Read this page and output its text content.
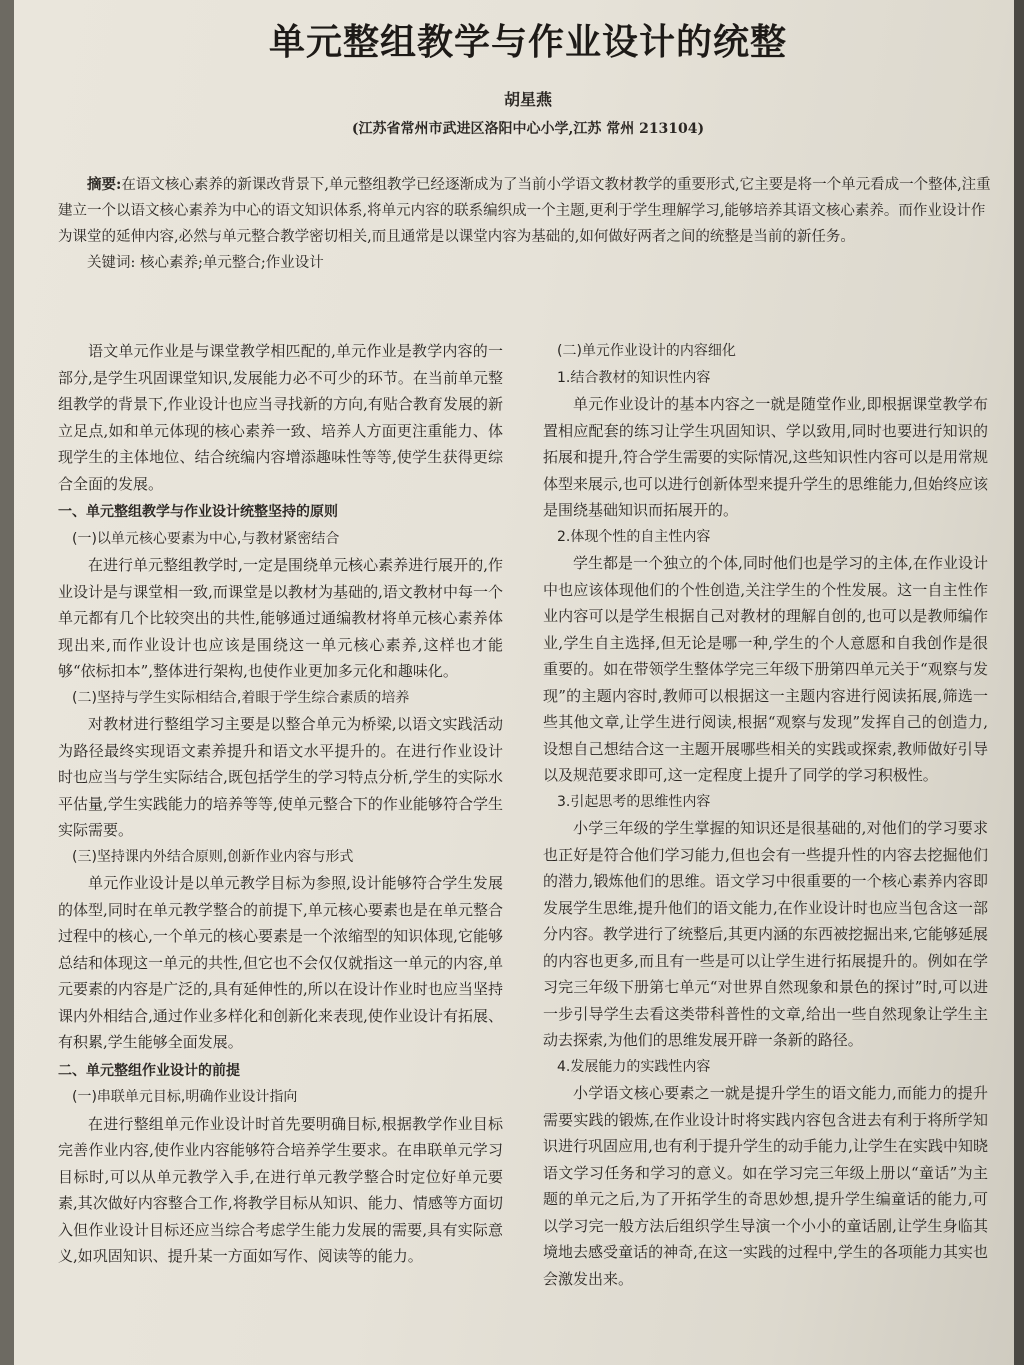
单元整组教学与作业设计的统整
胡星燕
(江苏省常州市武进区洛阳中心小学,江苏 常州 213104)
摘要:在语文核心素养的新课改背景下,单元整组教学已经逐渐成为了当前小学语文教材教学的重要形式,它主要是将一个单元看成一个整体,注重建立一个以语文核心素养为中心的语文知识体系,将单元内容的联系编织成一个主题,更利于学生理解学习,能够培养其语文核心素养。而作业设计作为课堂的延伸内容,必然与单元整合教学密切相关,而且通常是以课堂内容为基础的,如何做好两者之间的统整是当前的新任务。
关键词: 核心素养;单元整合;作业设计

语文单元作业是与课堂教学相匹配的,单元作业是教学内容的一部分,是学生巩固课堂知识,发展能力必不可少的环节。在当前单元整组教学的背景下,作业设计也应当寻找新的方向,有贴合教育发展的新立足点,如和单元体现的核心素养一致、培养人方面更注重能力、体现学生的主体地位、结合统编内容增添趣味性等等,使学生获得更综合全面的发展。

一、单元整组教学与作业设计统整坚持的原则

(一)以单元核心要素为中心,与教材紧密结合

在进行单元整组教学时,一定是围绕单元核心素养进行展开的,作业设计是与课堂相一致,而课堂是以教材为基础的,语文教材中每一个单元都有几个比较突出的共性,能够通过通编教材将单元核心素养体现出来,而作业设计也应该是围绕这一单元核心素养,这样也才能够“依标扣本”,整体进行架构,也使作业更加多元化和趣味化。

(二)坚持与学生实际相结合,着眼于学生综合素质的培养

对教材进行整组学习主要是以整合单元为桥梁,以语文实践活动为路径最终实现语文素养提升和语文水平提升的。在进行作业设计时也应当与学生实际结合,既包括学生的学习特点分析,学生的实际水平估量,学生实践能力的培养等等,使单元整合下的作业能够符合学生实际需要。

(三)坚持课内外结合原则,创新作业内容与形式

单元作业设计是以单元教学目标为参照,设计能够符合学生发展的体型,同时在单元教学整合的前提下,单元核心要素也是在单元整合过程中的核心,一个单元的核心要素是一个浓缩型的知识体现,它能够总结和体现这一单元的共性,但它也不会仅仅就指这一单元的内容,单元要素的内容是广泛的,具有延伸性的,所以在设计作业时也应当坚持课内外相结合,通过作业多样化和创新化来表现,使作业设计有拓展、有积累,学生能够全面发展。

二、单元整组作业设计的前提

(一)串联单元目标,明确作业设计指向

在进行整组单元作业设计时首先要明确目标,根据教学作业目标完善作业内容,使作业内容能够符合培养学生要求。在串联单元学习目标时,可以从单元教学入手,在进行单元教学整合时定位好单元要素,其次做好内容整合工作,将教学目标从知识、能力、情感等方面切入但作业设计目标还应当综合考虑学生能力发展的需要,具有实际意义,如巩固知识、提升某一方面如写作、阅读等的能力。

(二)单元作业设计的内容细化

1.结合教材的知识性内容

单元作业设计的基本内容之一就是随堂作业,即根据课堂教学布置相应配套的练习让学生巩固知识、学以致用,同时也要进行知识的拓展和提升,符合学生需要的实际情况,这些知识性内容可以是用常规体型来展示,也可以进行创新体型来提升学生的思维能力,但始终应该是围绕基础知识而拓展开的。

2.体现个性的自主性内容

学生都是一个独立的个体,同时他们也是学习的主体,在作业设计中也应该体现他们的个性创造,关注学生的个性发展。这一自主性作业内容可以是学生根据自己对教材的理解自创的,也可以是教师编作业,学生自主选择,但无论是哪一种,学生的个人意愿和自我创作是很重要的。如在带领学生整体学完三年级下册第四单元关于“观察与发现”的主题内容时,教师可以根据这一主题内容进行阅读拓展,筛选一些其他文章,让学生进行阅读,根据“观察与发现”发挥自己的创造力,设想自己想结合这一主题开展哪些相关的实践或探索,教师做好引导以及规范要求即可,这一定程度上提升了同学的学习积极性。

3.引起思考的思维性内容

小学三年级的学生掌握的知识还是很基础的,对他们的学习要求也正好是符合他们学习能力,但也会有一些提升性的内容去挖掘他们的潜力,锻炼他们的思维。语文学习中很重要的一个核心素养内容即发展学生思维,提升他们的语文能力,在作业设计时也应当包含这一部分内容。教学进行了统整后,其更内涵的东西被挖掘出来,它能够延展的内容也更多,而且有一些是可以让学生进行拓展提升的。例如在学习完三年级下册第七单元“对世界自然现象和景色的探讨”时,可以进一步引导学生去看这类带科普性的文章,给出一些自然现象让学生主动去探索,为他们的思维发展开辟一条新的路径。

4.发展能力的实践性内容

小学语文核心要素之一就是提升学生的语文能力,而能力的提升需要实践的锻炼,在作业设计时将实践内容包含进去有利于将所学知识进行巩固应用,也有利于提升学生的动手能力,让学生在实践中知晓语文学习任务和学习的意义。如在学习完三年级上册以“童话”为主题的单元之后,为了开拓学生的奇思妙想,提升学生编童话的能力,可以学习完一般方法后组织学生导演一个小小的童话剧,让学生身临其境地去感受童话的神奇,在这一实践的过程中,学生的各项能力其实也会激发出来。
